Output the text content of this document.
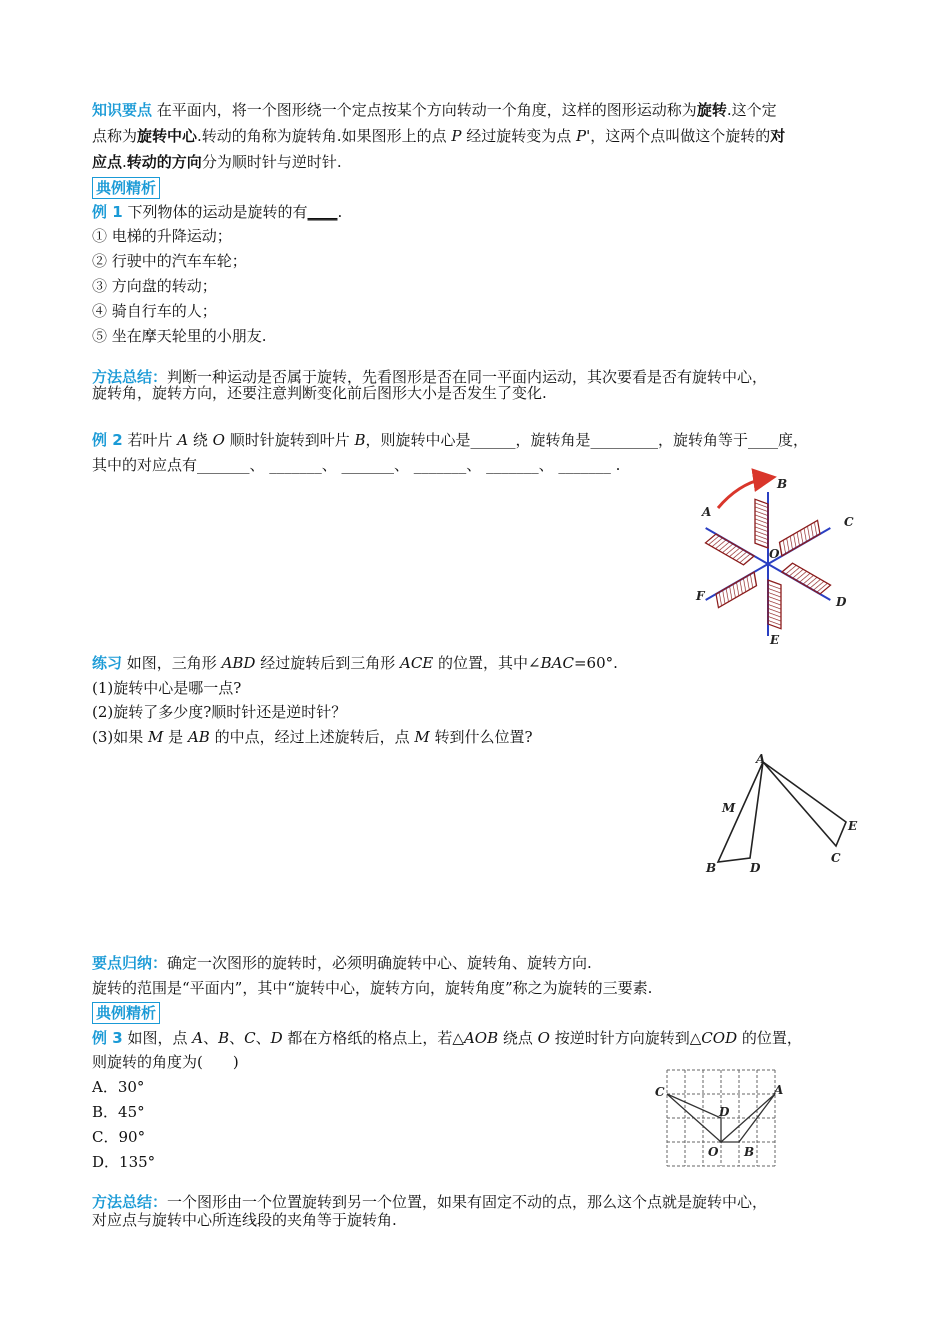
知识要点 在平面内，将一个图形绕一个定点按某个方向转动一个角度，这样的图形运动称为旋转.这个定
点称为旋转中心.转动的角称为旋转角.如果图形上的点 P 经过旋转变为点 P'，这两个点叫做这个旋转的对
应点.转动的方向分为顺时针与逆时针.
典例精析
例 1 下列物体的运动是旋转的有____.
① 电梯的升降运动；
② 行驶中的汽车车轮；
③ 方向盘的转动；
④ 骑自行车的人；
⑤ 坐在摩天轮里的小朋友.
方法总结：判断一种运动是否属于旋转，先看图形是否在同一平面内运动，其次要看是否有旋转中心，
旋转角，旋转方向，还要注意判断变化前后图形大小是否发生了变化.
例 2 若叶片 A 绕 O 顺时针旋转到叶片 B，则旋转中心是______，旋转角是_________，旋转角等于____度，
其中的对应点有_______、 _______、 _______、 _______、 _______、 _______ .
A
B
C
D
E
F
O
练习 如图，三角形 ABD 经过旋转后到三角形 ACE 的位置，其中∠BAC=60°.
(1)旋转中心是哪一点?
(2)旋转了多少度?顺时针还是逆时针？
(3)如果 M 是 AB 的中点，经过上述旋转后，点 M 转到什么位置?
A
M
B	D
E
C
要点归纳：确定一次图形的旋转时，必须明确旋转中心、旋转角、旋转方向.
旋转的范围是“平面内”，其中“旋转中心，旋转方向，旋转角度”称之为旋转的三要素.
典例精析
例 3 如图，点 A、B、C、D 都在方格纸的格点上，若△AOB 绕点 O 按逆时针方向旋转到△COD 的位置，
则旋转的角度为(　　)
A．30°
B．45°
C．90°
D．135°
C	A
D
O B
方法总结：一个图形由一个位置旋转到另一个位置，如果有固定不动的点，那么这个点就是旋转中心，
对应点与旋转中心所连线段的夹角等于旋转角.
